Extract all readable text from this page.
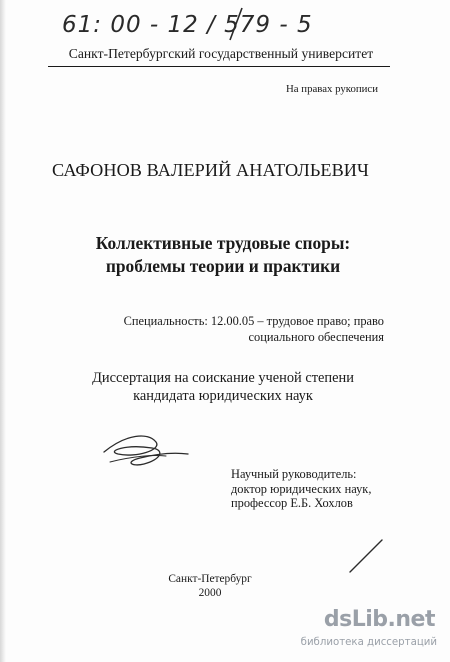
61: 00 - 12 / 579 - 5
Санкт-Петербургский государственный университет
На правах рукописи
САФОНОВ ВАЛЕРИЙ АНАТОЛЬЕВИЧ
Коллективные трудовые споры:
проблемы теории и практики
Специальность: 12.00.05 – трудовое право; право
социального обеспечения
Диссертация на соискание ученой степени
кандидата юридических наук
Научный руководитель:
доктор юридических наук,
профессор Е.Б. Хохлов
Санкт-Петербург
2000
dsLib.net
библиотека диссертаций
